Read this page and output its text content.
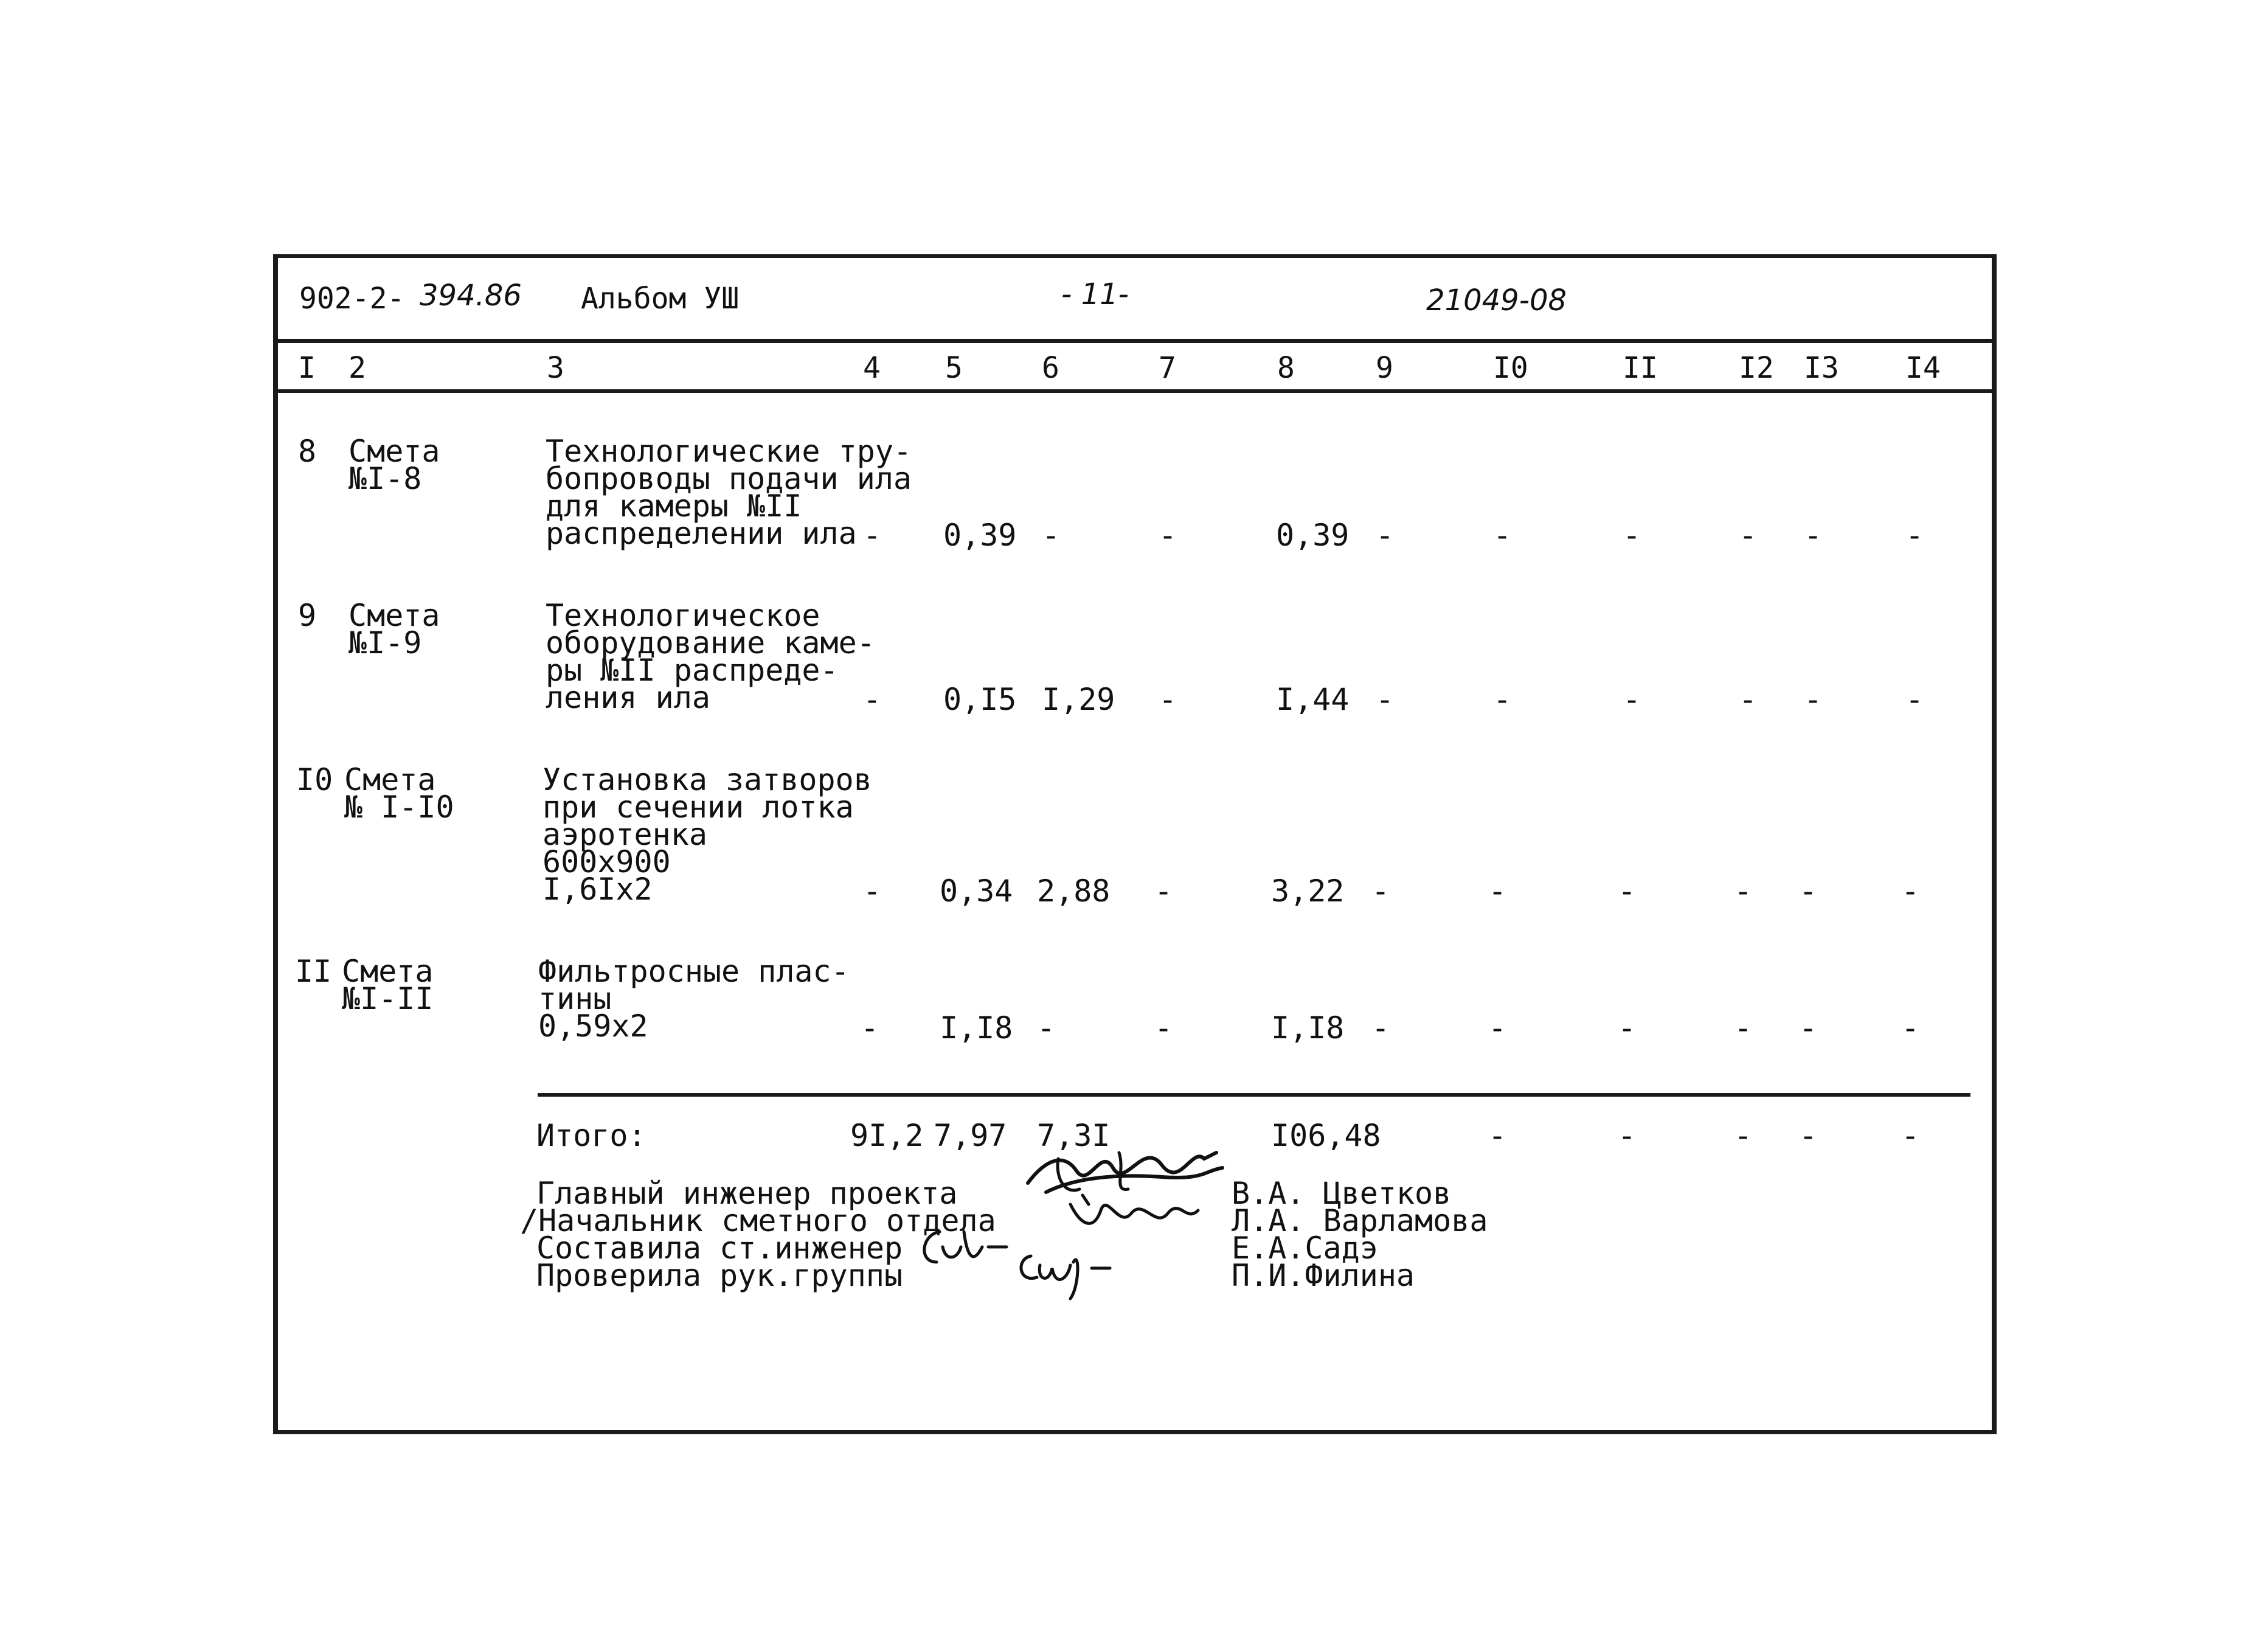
902-2- 394.86 Альбом УШ	- 11-	21049-08
I 2	3	4 5	6	7	8	9	I0	II	I2 I3 I4
8 Смета
№I-8
Технологические тру-
бопроводы подачи ила
для камеры №II
распределении ила - 0,39 -	-	0,39 -	-	-	- -	-
9 Смета
№I-9
Технологическое
оборудование каме-
ры №II распреде-
ления ила	- 0,I5 I,29 -	I,44 -	-	-	- -	-
I0 Смета
№ I-I0
Установка затворов
при сечении лотка
аэротенка
600х900
I,6Iх2	- 0,34 2,88 -	3,22 -	-	-	- -	-
II Смета
№I-II
Фильтросные плас-
тины
0,59х2	- I,I8 -	-	I,I8 -	-	-	- -	-
Итого:	9I,2 7,97 7,3I	I06,48	-	-	- -	-
Главный инженер проекта
/Начальник сметного отдела
Составила ст.инженер
Проверила рук.группы
В.А. Цветков
Л.А. Варламова
Е.А.Садэ
П.И.Филина
